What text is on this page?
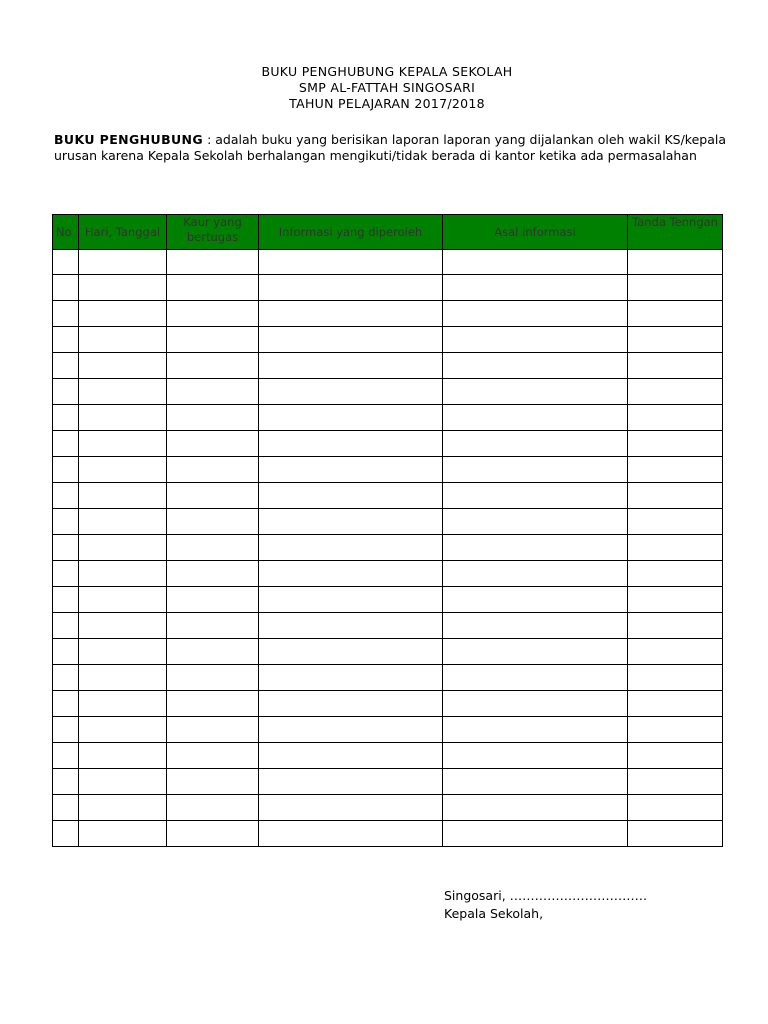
BUKU PENGHUBUNG KEPALA SEKOLAH
SMP AL-FATTAH SINGOSARI
TAHUN PELAJARAN 2017/2018
BUKU PENGHUBUNG : adalah buku yang berisikan laporan laporan yang dijalankan oleh wakil KS/kepala urusan karena Kepala Sekolah berhalangan mengikuti/tidak berada di kantor ketika ada permasalahan
No	Hari, Tanggal	Kaur yang bertugas	Informasi yang diperoleh	Asal Informasi	Tanda Tenngan

Singosari, ……………………………
Kepala Sekolah,
